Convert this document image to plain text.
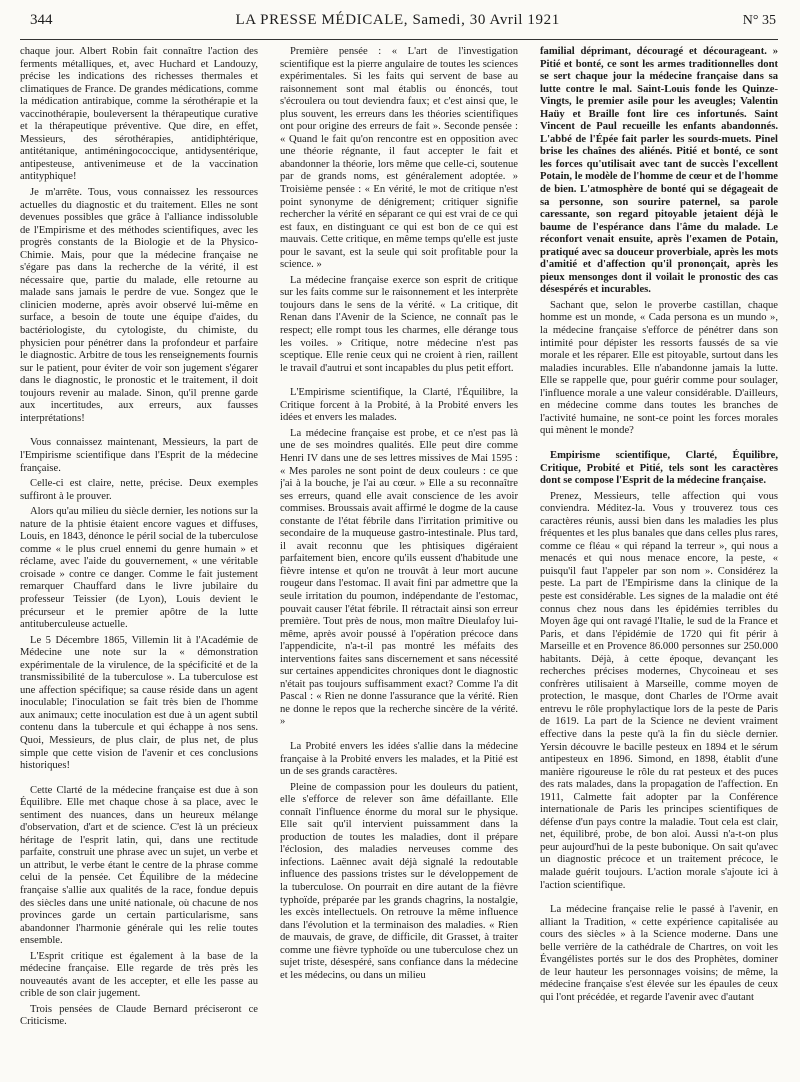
344	LA PRESSE MÉDICALE, Samedi, 30 Avril 1921	N° 35

chaque jour. Albert Robin fait connaître l'action des ferments métalliques, et, avec Huchard et Landouzy, précise les indications des richesses thermales et climatiques de France. De grandes médications, comme la médication antirabique, comme la sérothérapie et la vaccinothérapie, bouleversent la thérapeutique curative et la thérapeutique préventive. Que dire, en effet, Messieurs, des sérothérapies, antidiphtérique, antitétanique, antiméningococcique, antidysentérique, antipesteuse, antivenimeuse et de la vaccination antityphique!

Je m'arrête. Tous, vous connaissez les ressources actuelles du diagnostic et du traitement. Elles ne sont devenues possibles que grâce à l'alliance indissoluble de l'Empirisme et des méthodes scientifiques, avec les progrès constants de la Biologie et de la Physico-Chimie. Mais, pour que la médecine française ne s'égare pas dans la recherche de la vérité, il est nécessaire que, partie du malade, elle retourne au malade sans jamais le perdre de vue. Songez que le clinicien moderne, après avoir observé lui-même en surface, a besoin de toute une équipe d'aides, du bactériologiste, du cytologiste, du chimiste, du physicien pour pénétrer dans la profondeur et parfaire le diagnostic. Arbitre de tous les renseignements fournis sur le patient, pour éviter de voir son jugement s'égarer dans le diagnostic, le pronostic et le traitement, il doit toujours revenir au malade. Sinon, qu'il prenne garde aux incertitudes, aux erreurs, aux fausses interprétations!

Vous connaissez maintenant, Messieurs, la part de l'Empirisme scientifique dans l'Esprit de la médecine française.

Celle-ci est claire, nette, précise. Deux exemples suffiront à le prouver.

Alors qu'au milieu du siècle dernier, les notions sur la nature de la phtisie étaient encore vagues et diffuses, Louis, en 1843, dénonce le péril social de la tuberculose comme « le plus cruel ennemi du genre humain » et réclame, avec l'aide du gouvernement, « une véritable croisade » contre ce danger. Comme le fait justement remarquer Chauffard dans le livre jubilaire du professeur Teissier (de Lyon), Louis devient le précurseur et le premier apôtre de la lutte antituberculeuse actuelle.

Le 5 Décembre 1865, Villemin lit à l'Académie de Médecine une note sur la « démonstration expérimentale de la virulence, de la spécificité et de la transmissibilité de la tuberculose ». La tuberculose est une affection spécifique; sa cause réside dans un agent inoculable; l'inoculation se fait très bien de l'homme aux animaux; cette inoculation est due à un agent subtil contenu dans la tubercule et qui échappe à nos sens. Quoi, Messieurs, de plus clair, de plus net, de plus simple que cette vision de l'avenir et ces conclusions historiques!

Cette Clarté de la médecine française est due à son Équilibre. Elle met chaque chose à sa place, avec le sentiment des nuances, dans un heureux mélange d'observation, d'art et de science. C'est là un précieux héritage de l'esprit latin, qui, dans une rectitude parfaite, construit une phrase avec un sujet, un verbe et un attribut, le verbe étant le centre de la phrase comme celui de la pensée. Cet Équilibre de la médecine française s'allie aux qualités de la race, fondue depuis des siècles dans une unité nationale, où chacune de nos provinces garde un certain particularisme, sans abandonner l'harmonie générale qui les relie toutes ensemble.

L'Esprit critique est également à la base de la médecine française. Elle regarde de très près les nouveautés avant de les accepter, et elle les passe au crible de son clair jugement.

Trois pensées de Claude Bernard préciseront ce Criticisme.

Première pensée : « L'art de l'investigation scientifique est la pierre angulaire de toutes les sciences expérimentales. Si les faits qui servent de base au raisonnement sont mal établis ou énoncés, tout s'écroulera ou tout deviendra faux; et c'est ainsi que, le plus souvent, les erreurs dans les théories scientifiques ont pour origine des erreurs de fait ». Seconde pensée : « Quand le fait qu'on rencontre est en opposition avec une théorie régnante, il faut accepter le fait et abandonner la théorie, lors même que celle-ci, soutenue par de grands noms, est généralement adoptée. » Troisième pensée : « En vérité, le mot de critique n'est point synonyme de dénigrement; critiquer signifie rechercher la vérité en séparant ce qui est vrai de ce qui est faux, en distinguant ce qui est bon de ce qui est mauvais. Cette critique, en même temps qu'elle est juste pour le savant, est la seule qui soit profitable pour la science. »

La médecine française exerce son esprit de critique sur les faits comme sur le raisonnement et les interprète toujours dans le sens de la vérité. « La critique, dit Renan dans l'Avenir de la Science, ne connaît pas le respect; elle rompt tous les charmes, elle dérange tous les voiles. » Critique, notre médecine n'est pas sceptique. Elle renie ceux qui ne croient à rien, raillent le travail d'autrui et sont incapables du plus petit effort.

L'Empirisme scientifique, la Clarté, l'Équilibre, la Critique forcent à la Probité, à la Probité envers les idées et envers les malades.

La médecine française est probe, et ce n'est pas là une de ses moindres qualités. Elle peut dire comme Henri IV dans une de ses lettres missives de Mai 1595 : « Mes paroles ne sont point de deux couleurs : ce que j'ai à la bouche, je l'ai au cœur. » Elle a su reconnaître ses erreurs, quand elle avait conscience de les avoir commises. Broussais avait affirmé le dogme de la cause constante de l'état fébrile dans l'irritation primitive ou secondaire de la muqueuse gastro-intestinale. Plus tard, il avait reconnu que les phtisiques digéraient parfaitement bien, encore qu'ils eussent d'habitude une fièvre intense et qu'on ne trouvât à leur mort aucune rougeur dans l'estomac. Il avait fini par admettre que la seule irritation du poumon, indépendante de l'estomac, pouvait causer l'état fébrile. Il rétractait ainsi son erreur première. Tout près de nous, mon maître Dieulafoy lui-même, après avoir poussé à l'opération précoce dans l'appendicite, n'a-t-il pas montré les méfaits des interventions faites sans discernement et sans nécessité sur certaines appendicites chroniques dont le diagnostic n'était pas toujours suffisamment exact? Comme l'a dit Pascal : « Rien ne donne l'assurance que la vérité. Rien ne donne le repos que la recherche sincère de la vérité. »

La Probité envers les idées s'allie dans la médecine française à la Probité envers les malades, et la Pitié est un de ses grands caractères.

Pleine de compassion pour les douleurs du patient, elle s'efforce de relever son âme défaillante. Elle connaît l'influence énorme du moral sur le physique. Elle sait qu'il intervient puissamment dans la production de toutes les maladies, dont il prépare l'éclosion, des maladies nerveuses comme des infections. Laënnec avait déjà signalé la redoutable influence des passions tristes sur le développement de la tuberculose. On pourrait en dire autant de la fièvre typhoïde, préparée par les grands chagrins, la nostalgie, les excès intellectuels. On retrouve la même influence dans l'évolution et la terminaison des maladies. « Rien de mauvais, de grave, de difficile, dit Grasset, à traiter comme une fièvre typhoïde ou une tuberculose chez un sujet triste, désespéré, sans confiance dans la médecine et les médecins, ou dans un milieu

familial déprimant, découragé et décourageant. » Pitié et bonté, ce sont les armes traditionnelles dont se sert chaque jour la médecine française dans sa lutte contre le mal. Saint-Louis fonde les Quinze-Vingts, le premier asile pour les aveugles; Valentin Haüy et Braille font lire ces infortunés. Saint Vincent de Paul recueille les enfants abandonnés. L'abbé de l'Épée fait parler les sourds-muets. Pinel brise les chaînes des aliénés. Pitié et bonté, ce sont les forces qu'utilisait avec tant de succès l'excellent Potain, le modèle de l'homme de cœur et de l'homme de bien. L'atmosphère de bonté qui se dégageait de sa personne, son sourire paternel, sa parole caressante, son regard pitoyable jetaient déjà le baume de l'espérance dans l'âme du malade. Le réconfort venait ensuite, après l'examen de Potain, pratiqué avec sa douceur proverbiale, après les mots d'amitié et d'affection qu'il prononçait, après les pieux mensonges dont il voilait le pronostic des cas désespérés et incurables.

Sachant que, selon le proverbe castillan, chaque homme est un monde, « Cada persona es un mundo », la médecine française s'efforce de pénétrer dans son intimité pour dépister les ressorts faussés de sa vie morale et les réparer. Elle est pitoyable, surtout dans les maladies incurables. Elle n'abandonne jamais la lutte. Elle se rappelle que, pour guérir comme pour soulager, l'influence morale a une valeur considérable. D'ailleurs, en médecine comme dans toutes les branches de l'activité humaine, ne sont-ce point les forces morales qui mènent le monde?

Empirisme scientifique, Clarté, Équilibre, Critique, Probité et Pitié, tels sont les caractères dont se compose l'Esprit de la médecine française.

Prenez, Messieurs, telle affection qui vous conviendra. Méditez-la. Vous y trouverez tous ces caractères réunis, aussi bien dans les maladies les plus fréquentes et les plus banales que dans celles plus rares, comme ce fléau « qui répand la terreur », qui nous a menacés et qui nous menace encore, la peste, « puisqu'il faut l'appeler par son nom ». Considérez la peste. La part de l'Empirisme dans la clinique de la peste est considérable. Les signes de la maladie ont été connus chez nous dans les épidémies terribles du Moyen âge qui ont ravagé l'Italie, le sud de la France et Paris, et dans l'épidémie de 1720 qui fit périr à Marseille et en Provence 86.000 personnes sur 250.000 habitants. Déjà, à cette époque, devançant les recherches précises modernes, Chycoineau et ses confrères utilisaient à Marseille, comme moyen de protection, le masque, dont Charles de l'Orme avait entrevu le rôle prophylactique lors de la peste de Paris de 1619. La part de la Science ne devient vraiment effective dans la peste qu'à la fin du siècle dernier. Yersin découvre le bacille pesteux en 1894 et le sérum antipesteux en 1896. Simond, en 1898, établit d'une manière rigoureuse le rôle du rat pesteux et des puces des rats malades, dans la propagation de l'affection. En 1911, Calmette fait adopter par la Conférence internationale de Paris les principes scientifiques de défense d'un pays contre la maladie. Tout cela est clair, net, équilibré, probe, de bon aloi. Aussi n'a-t-on plus peur aujourd'hui de la peste bubonique. On sait qu'avec un diagnostic précoce et un traitement précoce, le malade guérit toujours. L'action morale s'ajoute ici à l'action scientifique.

La médecine française relie le passé à l'avenir, en alliant la Tradition, « cette expérience capitalisée au cours des siècles » à la Science moderne. Dans une belle verrière de la cathédrale de Chartres, on voit les Évangélistes portés sur le dos des Prophètes, dominer de leur hauteur les personnages voisins; de même, la médecine française s'est élevée sur les épaules de ceux qui l'ont précédée, et regarde l'avenir avec d'autant
